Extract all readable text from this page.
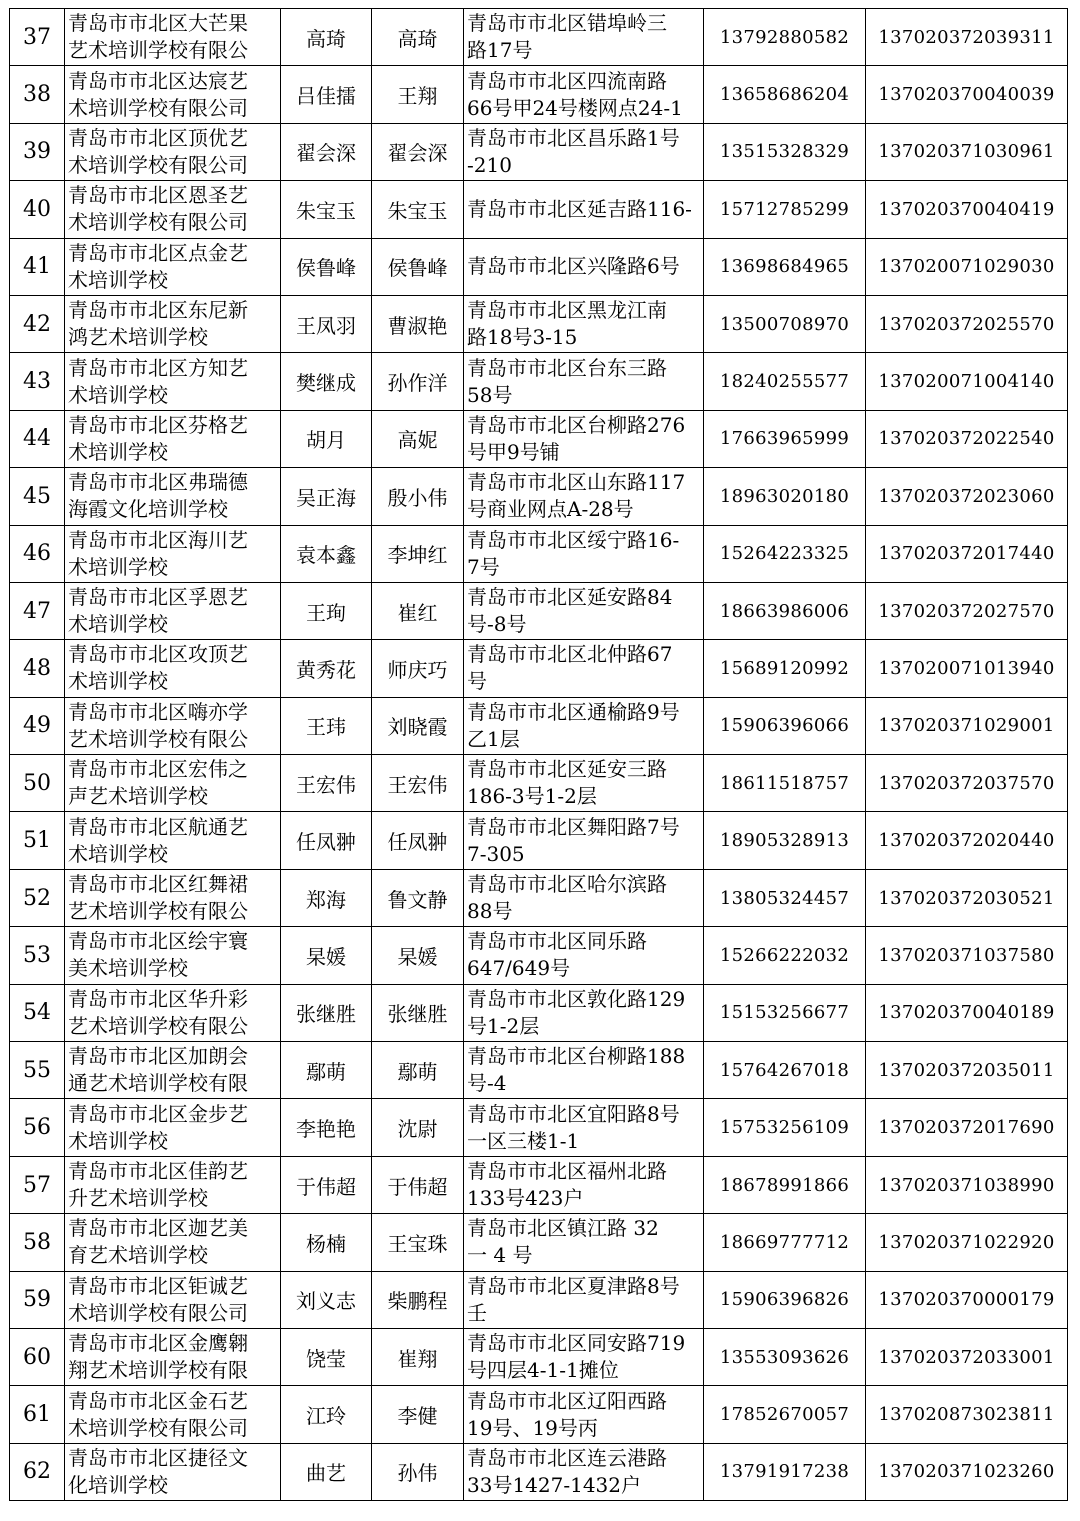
37	青岛市市北区大芒果
艺术培训学校有限公	高琦	高琦	青岛市市北区错埠岭三
路17号	13792880582	137020372039311
38	青岛市市北区达宸艺
术培训学校有限公司	吕佳擂	王翔	青岛市市北区四流南路
66号甲24号楼网点24-1	13658686204	137020370040039
39	青岛市市北区顶优艺
术培训学校有限公司	翟会深	翟会深	青岛市市北区昌乐路1号
-210	13515328329	137020371030961
40	青岛市市北区恩圣艺
术培训学校有限公司	朱宝玉	朱宝玉	青岛市市北区延吉路116-	15712785299	137020370040419
41	青岛市市北区点金艺
术培训学校	侯鲁峰	侯鲁峰	青岛市市北区兴隆路6号	13698684965	137020071029030
42	青岛市市北区东尼新
鸿艺术培训学校	王凤羽	曹淑艳	青岛市市北区黑龙江南
路18号3-15	13500708970	137020372025570
43	青岛市市北区方知艺
术培训学校	樊继成	孙作洋	青岛市市北区台东三路
58号	18240255577	137020071004140
44	青岛市市北区芬格艺
术培训学校	胡月	高妮	青岛市市北区台柳路276
号甲9号铺	17663965999	137020372022540
45	青岛市市北区弗瑞德
海霞文化培训学校	吴正海	殷小伟	青岛市市北区山东路117
号商业网点A-28号	18963020180	137020372023060
46	青岛市市北区海川艺
术培训学校	袁本鑫	李坤红	青岛市市北区绥宁路16-
7号	15264223325	137020372017440
47	青岛市市北区孚恩艺
术培训学校	王珣	崔红	青岛市市北区延安路84
号-8号	18663986006	137020372027570
48	青岛市市北区攻顶艺
术培训学校	黄秀花	师庆巧	青岛市市北区北仲路67
号	15689120992	137020071013940
49	青岛市市北区嗨亦学
艺术培训学校有限公	王玮	刘晓霞	青岛市市北区通榆路9号
乙1层	15906396066	137020371029001
50	青岛市市北区宏伟之
声艺术培训学校	王宏伟	王宏伟	青岛市市北区延安三路
186-3号1-2层	18611518757	137020372037570
51	青岛市市北区航通艺
术培训学校	任凤翀	任凤翀	青岛市市北区舞阳路7号
7-305	18905328913	137020372020440
52	青岛市市北区红舞裙
艺术培训学校有限公	郑海	鲁文静	青岛市市北区哈尔滨路
88号	13805324457	137020372030521
53	青岛市市北区绘宇寰
美术培训学校	杲媛	杲媛	青岛市市北区同乐路
647/649号	15266222032	137020371037580
54	青岛市市北区华升彩
艺术培训学校有限公	张继胜	张继胜	青岛市市北区敦化路129
号1-2层	15153256677	137020370040189
55	青岛市市北区加朗会
通艺术培训学校有限	鄢萌	鄢萌	青岛市市北区台柳路188
号-4	15764267018	137020372035011
56	青岛市市北区金步艺
术培训学校	李艳艳	沈尉	青岛市市北区宜阳路8号
一区三楼1-1	15753256109	137020372017690
57	青岛市市北区佳韵艺
升艺术培训学校	于伟超	于伟超	青岛市市北区福州北路
133号423户	18678991866	137020371038990
58	青岛市市北区迦艺美
育艺术培训学校	杨楠	王宝珠	青岛市北区镇江路 32
一 4 号	18669777712	137020371022920
59	青岛市市北区钜诚艺
术培训学校有限公司	刘义志	柴鹏程	青岛市市北区夏津路8号
壬	15906396826	137020370000179
60	青岛市市北区金鹰翱
翔艺术培训学校有限	饶莹	崔翔	青岛市市北区同安路719
号四层4-1-1摊位	13553093626	137020372033001
61	青岛市市北区金石艺
术培训学校有限公司	江玲	李健	青岛市市北区辽阳西路
19号、19号丙	17852670057	137020873023811
62	青岛市市北区捷径文
化培训学校	曲艺	孙伟	青岛市市北区连云港路
33号1427-1432户	13791917238	137020371023260
